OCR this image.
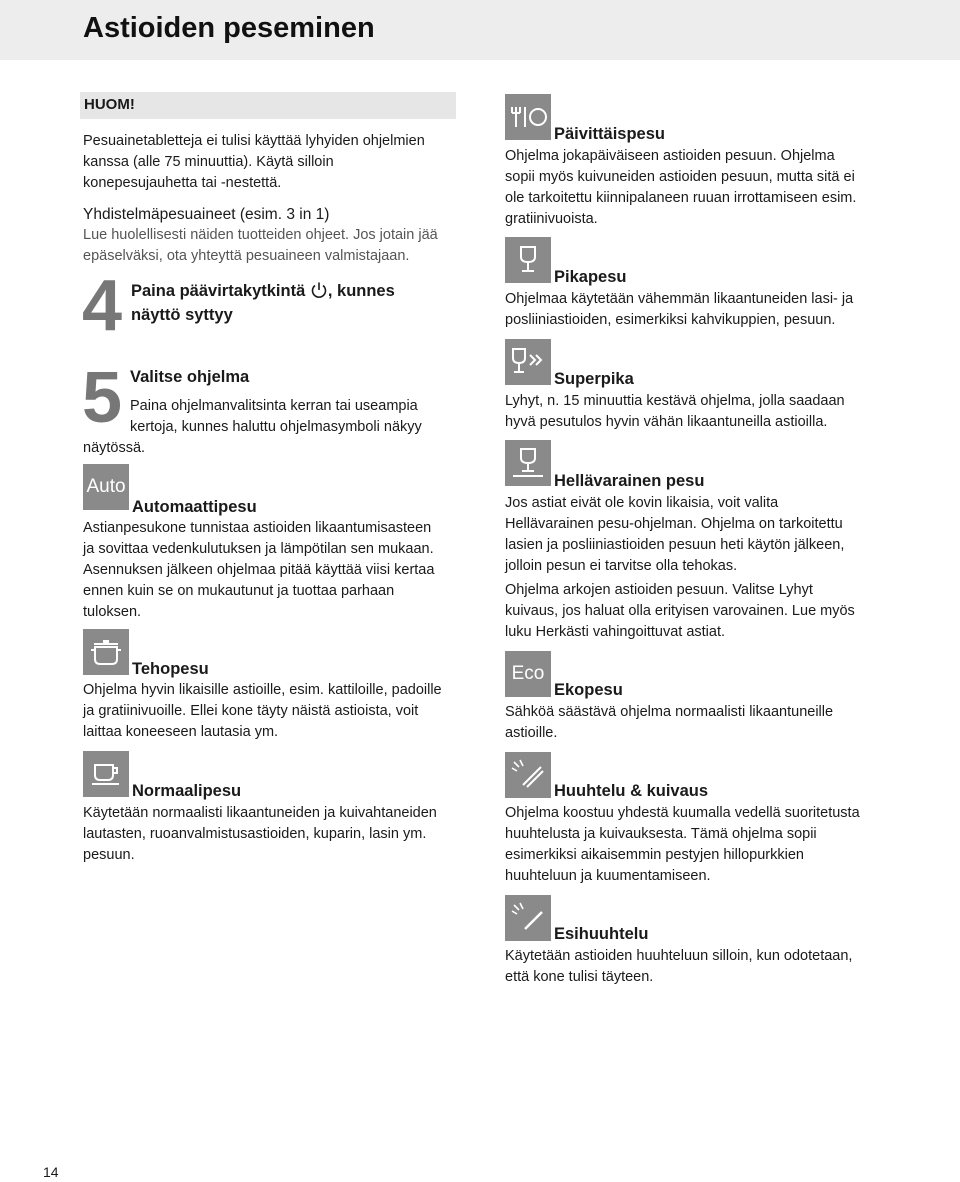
Astioiden peseminen
HUOM!

Pesuainetabletteja ei tulisi käyttää lyhyiden ohjelmien

kanssa (alle 75 minuuttia). Käytä silloin

konepesujauhetta tai -nestettä.

Yhdistelmäpesuaineet (esim. 3 in 1)

Lue huolellisesti näiden tuotteiden ohjeet. Jos jotain jää

epäselväksi, ota yhteyttä pesuaineen valmistajaan.

4 Paina päävirtakytkintä , kunnes
näyttö syttyy
5 Valitse ohjelma
Paina ohjelmanvalitsinta kerran tai useampia
kertoja, kunnes haluttu ohjelmasymboli näkyy
näytössä.
Auto
Automaattipesu

Astianpesukone tunnistaa astioiden likaantumisasteen

ja sovittaa vedenkulutuksen ja lämpötilan sen mukaan.

Asennuksen jälkeen ohjelmaa pitää käyttää viisi kertaa

ennen kuin se on mukautunut ja tuottaa parhaan

tuloksen.

Tehopesu

Ohjelma hyvin likaisille astioille, esim. kattiloille, padoille

ja gratiinivuoille. Ellei kone täyty näistä astioista, voit

laittaa koneeseen lautasia ym.

Normaalipesu

Käytetään normaalisti likaantuneiden ja kuivahtaneiden

lautasten, ruoanvalmistusastioiden, kuparin, lasin ym.

pesuun.

Päivittäispesu

Ohjelma jokapäiväiseen astioiden pesuun. Ohjelma

sopii myös kuivuneiden astioiden pesuun, mutta sitä ei

ole tarkoitettu kiinnipalaneen ruuan irrottamiseen esim.

gratiinivuoista.

Pikapesu

Ohjelmaa käytetään vähemmän likaantuneiden lasi- ja

posliiniastioiden, esimerkiksi kahvikuppien, pesuun.

Superpika

Lyhyt, n. 15 minuuttia kestävä ohjelma, jolla saadaan

hyvä pesutulos hyvin vähän likaantuneilla astioilla.

Hellävarainen pesu

Jos astiat eivät ole kovin likaisia, voit valita

Hellävarainen pesu-ohjelman. Ohjelma on tarkoitettu

lasien ja posliiniastioiden pesuun heti käytön jälkeen,

jolloin pesun ei tarvitse olla tehokas.

Ohjelma arkojen astioiden pesuun. Valitse Lyhyt

kuivaus, jos haluat olla erityisen varovainen. Lue myös

luku Herkästi vahingoittuvat astiat.

Eco
Ekopesu

Sähköä säästävä ohjelma normaalisti likaantuneille

astioille.

Huuhtelu & kuivaus

Ohjelma koostuu yhdestä kuumalla vedellä suoritetusta

huuhtelusta ja kuivauksesta. Tämä ohjelma sopii

esimerkiksi aikaisemmin pestyjen hillopurkkien

huuhteluun ja kuumentamiseen.

Esihuuhtelu

Käytetään astioiden huuhteluun silloin, kun odotetaan,

että kone tulisi täyteen.

14
